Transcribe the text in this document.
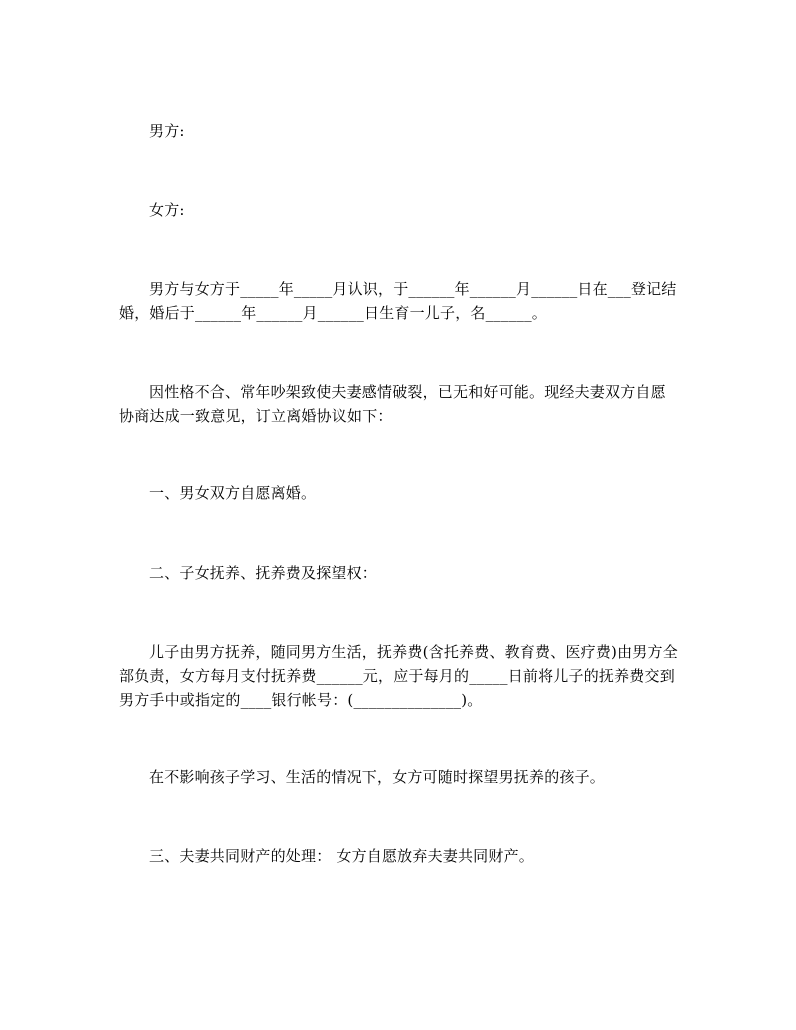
男方:

女方:

男方与女方于_____年_____月认识，于______年______月______日在___登记结婚，婚后于______年______月______日生育一儿子，名______。

因性格不合、常年吵架致使夫妻感情破裂，已无和好可能。现经夫妻双方自愿协商达成一致意见，订立离婚协议如下：

一、男女双方自愿离婚。

二、子女抚养、抚养费及探望权：

儿子由男方抚养，随同男方生活，抚养费(含托养费、教育费、医疗费)由男方全部负责，女方每月支付抚养费______元，应于每月的_____日前将儿子的抚养费交到男方手中或指定的____银行帐号：(______________)。

在不影响孩子学习、生活的情况下，女方可随时探望男抚养的孩子。

三、夫妻共同财产的处理： 女方自愿放弃夫妻共同财产。
